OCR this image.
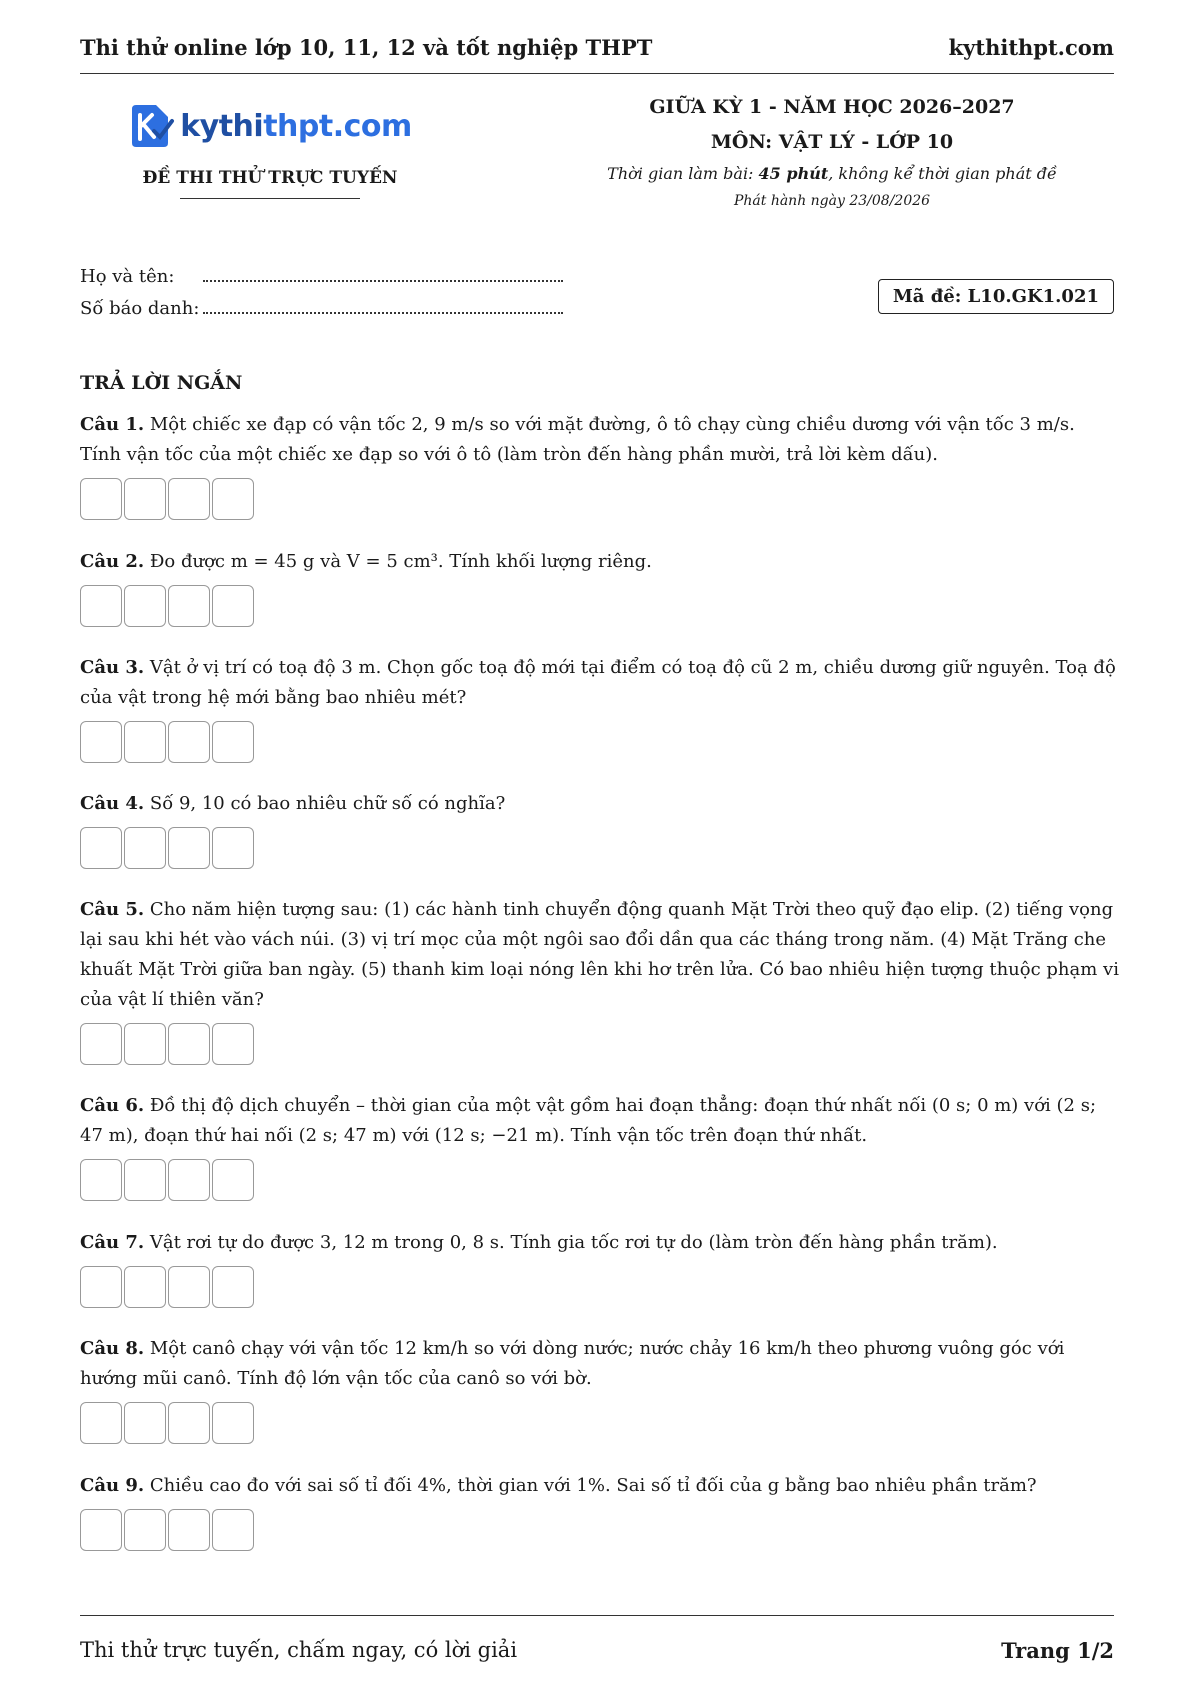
Thi thử online lớp 10, 11, 12 và tốt nghiệp THPT	kythithpt.com
kythithpt.com
ĐỀ THI THỬ TRỰC TUYẾN
GIỮA KỲ 1 - NĂM HỌC 2026–2027
MÔN: VẬT LÝ - LỚP 10
Thời gian làm bài: 45 phút, không kể thời gian phát đề
Phát hành ngày 23/08/2026
Họ và tên:
Số báo danh:
Mã đề: L10.GK1.021
TRẢ LỜI NGẮN
Câu 1. Một chiếc xe đạp có vận tốc 2, 9 m/s so với mặt đường, ô tô chạy cùng chiều dương với vận tốc 3 m/s. Tính vận tốc của một chiếc xe đạp so với ô tô (làm tròn đến hàng phần mười, trả lời kèm dấu).
Câu 2. Đo được m = 45 g và V = 5 cm³. Tính khối lượng riêng.
Câu 3. Vật ở vị trí có toạ độ 3 m. Chọn gốc toạ độ mới tại điểm có toạ độ cũ 2 m, chiều dương giữ nguyên. Toạ độ của vật trong hệ mới bằng bao nhiêu mét?
Câu 4. Số 9, 10 có bao nhiêu chữ số có nghĩa?
Câu 5. Cho năm hiện tượng sau: (1) các hành tinh chuyển động quanh Mặt Trời theo quỹ đạo elip. (2) tiếng vọng lại sau khi hét vào vách núi. (3) vị trí mọc của một ngôi sao đổi dần qua các tháng trong năm. (4) Mặt Trăng che khuất Mặt Trời giữa ban ngày. (5) thanh kim loại nóng lên khi hơ trên lửa. Có bao nhiêu hiện tượng thuộc phạm vi của vật lí thiên văn?
Câu 6. Đồ thị độ dịch chuyển – thời gian của một vật gồm hai đoạn thẳng: đoạn thứ nhất nối (0 s; 0 m) với (2 s; 47 m), đoạn thứ hai nối (2 s; 47 m) với (12 s; −21 m). Tính vận tốc trên đoạn thứ nhất.
Câu 7. Vật rơi tự do được 3, 12 m trong 0, 8 s. Tính gia tốc rơi tự do (làm tròn đến hàng phần trăm).
Câu 8. Một canô chạy với vận tốc 12 km/h so với dòng nước; nước chảy 16 km/h theo phương vuông góc với hướng mũi canô. Tính độ lớn vận tốc của canô so với bờ.
Câu 9. Chiều cao đo với sai số tỉ đối 4%, thời gian với 1%. Sai số tỉ đối của g bằng bao nhiêu phần trăm?
Thi thử trực tuyến, chấm ngay, có lời giải	Trang 1/2
